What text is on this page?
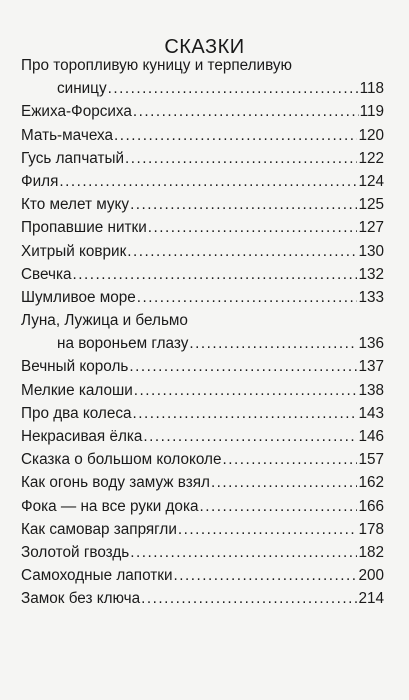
СКАЗКИ
Про торопливую куницу и терпеливую
синицу .....	118
Ежиха-Форсиха .....	119
Мать-мачеха .....	120
Гусь лапчатый .....	122
Филя .....	124
Кто мелет муку .....	125
Пропавшие нитки .....	127
Хитрый коврик .....	130
Свечка .....	132
Шумливое море .....	133
Луна, Лужица и бельмо
на вороньем глазу .....	136
Вечный король .....	137
Мелкие калоши .....	138
Про два колеса .....	143
Некрасивая ёлка .....	146
Сказка о большом колоколе .....	157
Как огонь воду замуж взял .....	162
Фока — на все руки дока .....	166
Как самовар запрягли .....	178
Золотой гвоздь .....	182
Самоходные лапотки .....	200
Замок без ключа .....	214
